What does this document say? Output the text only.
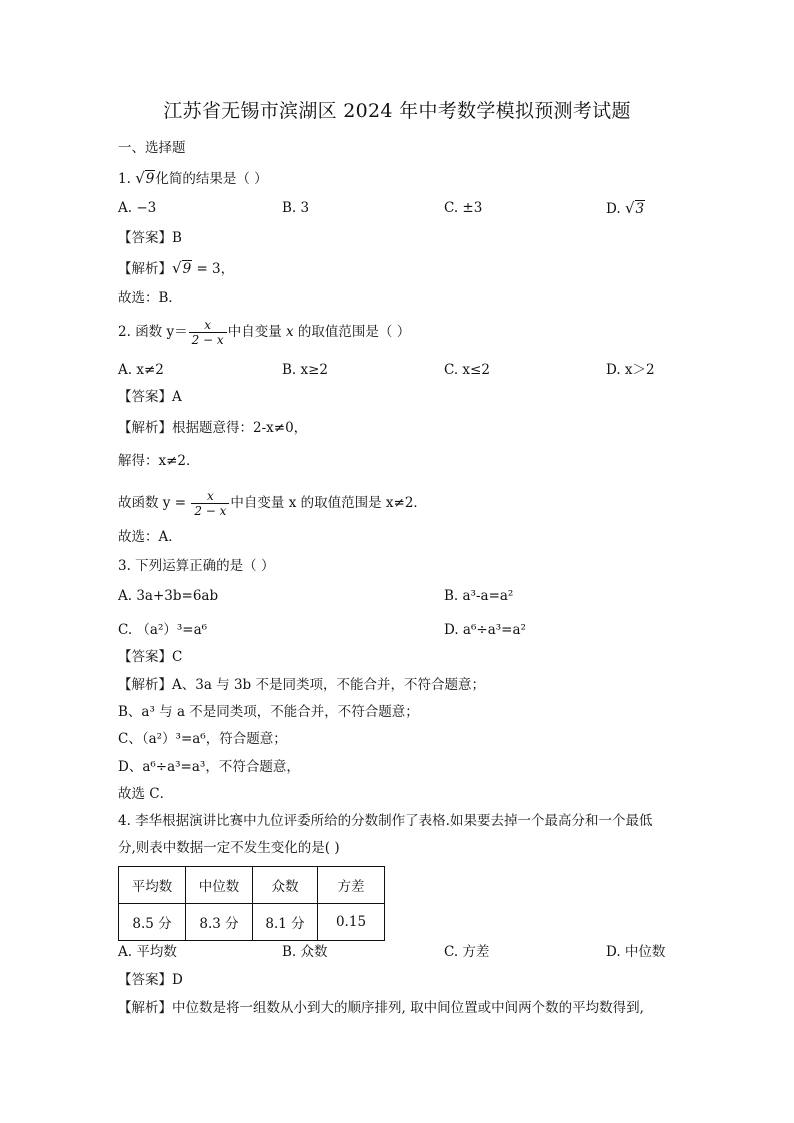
江苏省无锡市滨湖区 2024 年中考数学模拟预测考试题
一、选择题
1. √9化简的结果是（ ）
A. −3	B. 3	C. ±3	D. √3
【答案】B
【解析】√9 = 3，
故选：B．
2. 函数 $y= \frac{x}{2 - x}$ 中自变量 x 的取值范围是（ ）
A. x≠2	B. x≥2	C. x≤2	D. x＞2
【答案】A
【解析】根据题意得：2-x≠0，
解得：x≠2．
故函数 $y = \frac{x}{2 - x}$ 中自变量 x 的取值范围是 x≠2．
故选：A．
3. 下列运算正确的是（ ）
A. 3a+3b=6ab	B. a³-a=a²
C. （a²）³=a⁶	D. a⁶÷a³=a²
【答案】C
【解析】A、3a 与 3b 不是同类项，不能合并，不符合题意；
B、a³ 与 a 不是同类项，不能合并，不符合题意；
C、（a²）³=a⁶，符合题意；
D、a⁶÷a³=a³，不符合题意，
故选 C．
4. 李华根据演讲比赛中九位评委所给的分数制作了表格.如果要去掉一个最高分和一个最低
分,则表中数据一定不发生变化的是( )
平均数	中位数	众数	方差
8.5 分	8.3 分	8.1 分	0.15
A. 平均数	B. 众数	C. 方差	D. 中位数
【答案】D
【解析】中位数是将一组数从小到大的顺序排列, 取中间位置或中间两个数的平均数得到,
